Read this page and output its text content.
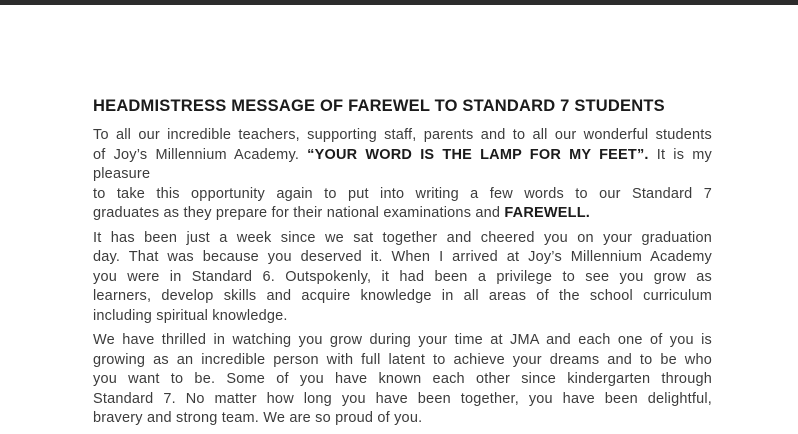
HEADMISTRESS MESSAGE OF FAREWEL TO STANDARD 7 STUDENTS
To all our incredible teachers, supporting staff, parents and to all our wonderful students
of Joy’s Millennium Academy. “YOUR WORD IS THE LAMP FOR MY FEET”. It is my pleasure
to take this opportunity again to put into writing a few words to our Standard 7
graduates as they prepare for their national examinations and FAREWELL.
It has been just a week since we sat together and cheered you on your graduation
day. That was because you deserved it. When I arrived at Joy’s Millennium Academy
you were in Standard 6. Outspokenly, it had been a privilege to see you grow as
learners, develop skills and acquire knowledge in all areas of the school curriculum
including spiritual knowledge.
We have thrilled in watching you grow during your time at JMA and each one of you is
growing as an incredible person with full latent to achieve your dreams and to be who
you want to be. Some of you have known each other since kindergarten through
Standard 7. No matter how long you have been together, you have been delightful,
bravery and strong team. We are so proud of you.
